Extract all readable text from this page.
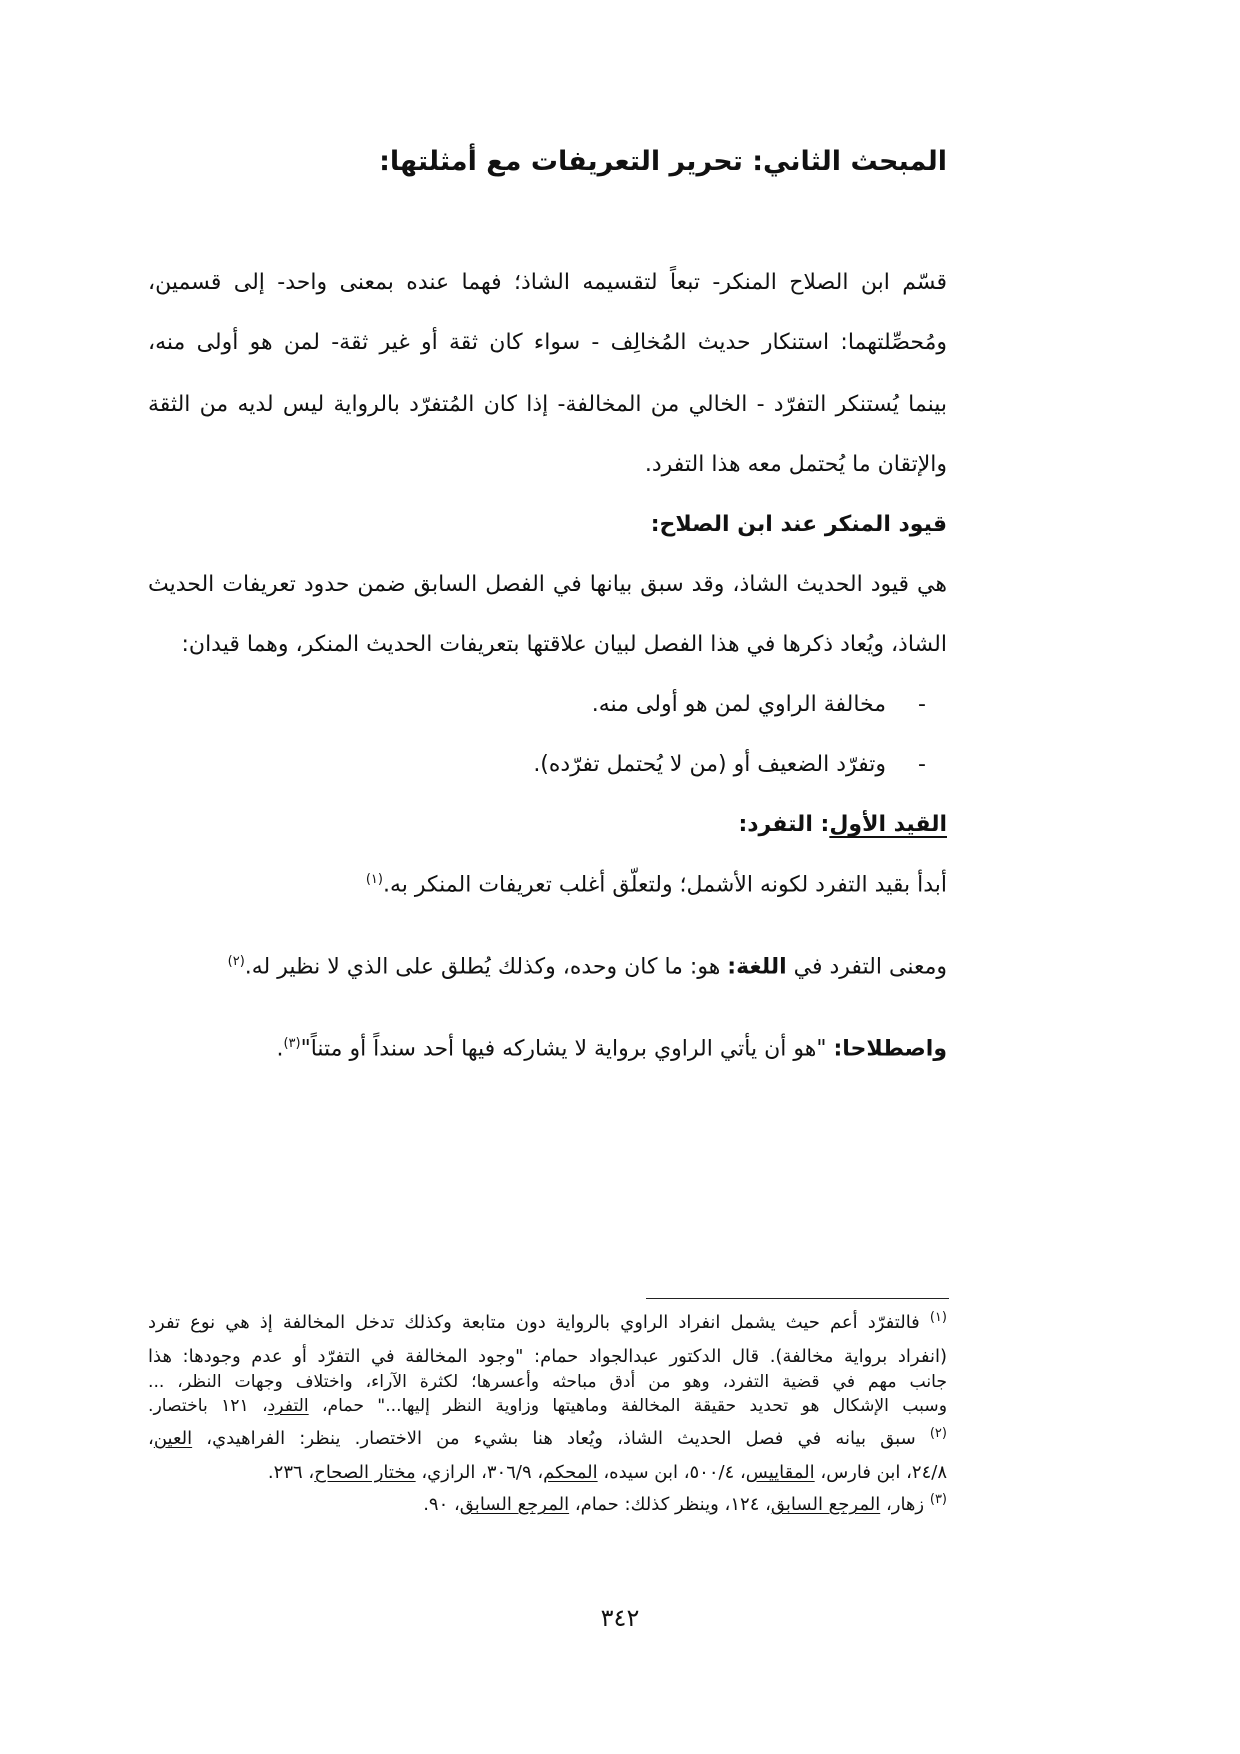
المبحث الثاني: تحرير التعريفات مع أمثلتها:
قسّم ابن الصلاح المنكر- تبعاً لتقسيمه الشاذ؛ فهما عنده بمعنى واحد- إلى قسمين،
ومُحصِّلتهما: استنكار حديث المُخالِف - سواء كان ثقة أو غير ثقة- لمن هو أولى منه،
بينما يُستنكر التفرّد - الخالي من المخالفة- إذا كان المُتفرّد بالرواية ليس لديه من الثقة
والإتقان ما يُحتمل معه هذا التفرد.
قيود المنكر عند ابن الصلاح:
هي قيود الحديث الشاذ، وقد سبق بيانها في الفصل السابق ضمن حدود تعريفات الحديث
الشاذ، ويُعاد ذكرها في هذا الفصل لبيان علاقتها بتعريفات الحديث المنكر، وهما قيدان:
-مخالفة الراوي لمن هو أولى منه.
-وتفرّد الضعيف أو (من لا يُحتمل تفرّده).
القيد الأول: التفرد:
أبدأ بقيد التفرد لكونه الأشمل؛ ولتعلّق أغلب تعريفات المنكر به.$^{(١)}$
ومعنى التفرد في اللغة: هو: ما كان وحده، وكذلك يُطلق على الذي لا نظير له.$^{(٢)}$
واصطلاحا: "هو أن يأتي الراوي برواية لا يشاركه فيها أحد سنداً أو متناً"$^{(٣)}$.
$^{(١)}$ فالتفرّد أعم حيث يشمل انفراد الراوي بالرواية دون متابعة وكذلك تدخل المخالفة إذ هي نوع تفرد
(انفراد برواية مخالفة). قال الدكتور عبدالجواد حمام: "وجود المخالفة في التفرّد أو عدم وجودها: هذا
جانب مهم في قضية التفرد، وهو من أدق مباحثه وأعسرها؛ لكثرة الآراء، واختلاف وجهات النظر، ...
وسبب الإشكال هو تحديد حقيقة المخالفة وماهيتها وزاوية النظر إليها..." حمام، التفرد، ١٢١ باختصار.
$^{(٢)}$ سبق بيانه في فصل الحديث الشاذ، ويُعاد هنا بشيء من الاختصار. ينظر: الفراهيدي، العين،
٢٤/٨، ابن فارس، المقاييس، ٥٠٠/٤، ابن سيده، المحكم، ٣٠٦/٩، الرازي، مختار الصحاح، ٢٣٦.
$^{(٣)}$ زهار، المرجع السابق، ١٢٤، وينظر كذلك: حمام، المرجع السابق، ٩٠.
٣٤٢
